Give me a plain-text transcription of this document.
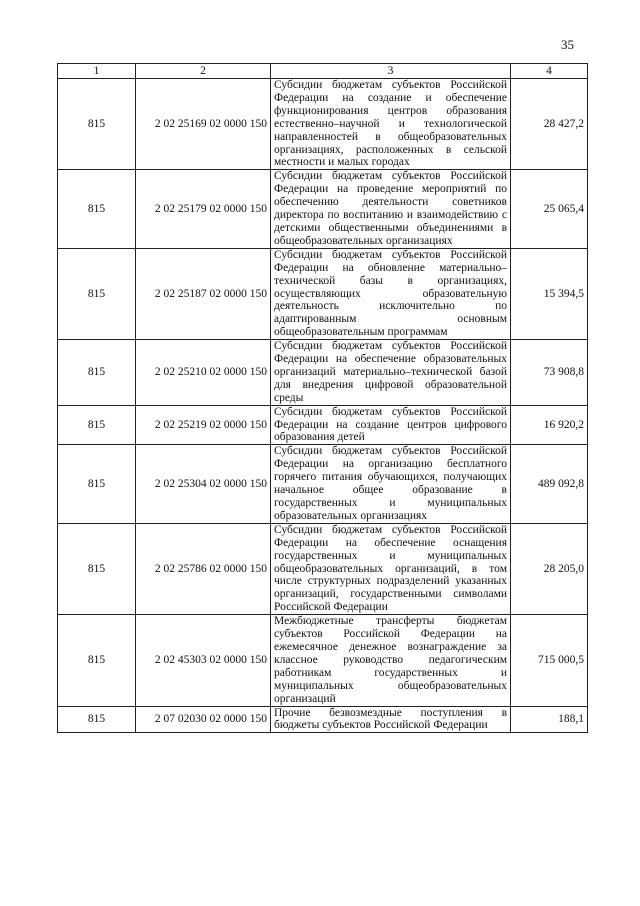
35
1	2	3	4
815	2 02 25169 02 0000 150	Субсидии бюджетам субъектов Российской Федерации на создание и обеспечение функционирования центров образования естественно–научной и технологической направленностей в общеобразовательных организациях, расположенных в сельской местности и малых городах	28 427,2
815	2 02 25179 02 0000 150	Субсидии бюджетам субъектов Российской Федерации на проведение мероприятий по обеспечению деятельности советников директора по воспитанию и взаимодействию с детскими общественными объединениями в общеобразовательных организациях	25 065,4
815	2 02 25187 02 0000 150	Субсидии бюджетам субъектов Российской Федерации на обновление материально–технической базы в организациях, осуществляющих образовательную деятельность исключительно по адаптированным основным общеобразовательным программам	15 394,5
815	2 02 25210 02 0000 150	Субсидии бюджетам субъектов Российской Федерации на обеспечение образовательных организаций материально–технической базой для внедрения цифровой образовательной среды	73 908,8
815	2 02 25219 02 0000 150	Субсидии бюджетам субъектов Российской Федерации на создание центров цифрового образования детей	16 920,2
815	2 02 25304 02 0000 150	Субсидии бюджетам субъектов Российской Федерации на организацию бесплатного горячего питания обучающихся, получающих начальное общее образование в государственных и муниципальных образовательных организациях	489 092,8
815	2 02 25786 02 0000 150	Субсидии бюджетам субъектов Российской Федерации на обеспечение оснащения государственных и муниципальных общеобразовательных организаций, в том числе структурных подразделений указанных организаций, государственными символами Российской Федерации	28 205,0
815	2 02 45303 02 0000 150	Межбюджетные трансферты бюджетам субъектов Российской Федерации на ежемесячное денежное вознаграждение за классное руководство педагогическим работникам государственных и муниципальных общеобразовательных организаций	715 000,5
815	2 07 02030 02 0000 150	Прочие безвозмездные поступления в бюджеты субъектов Российской Федерации	188,1
